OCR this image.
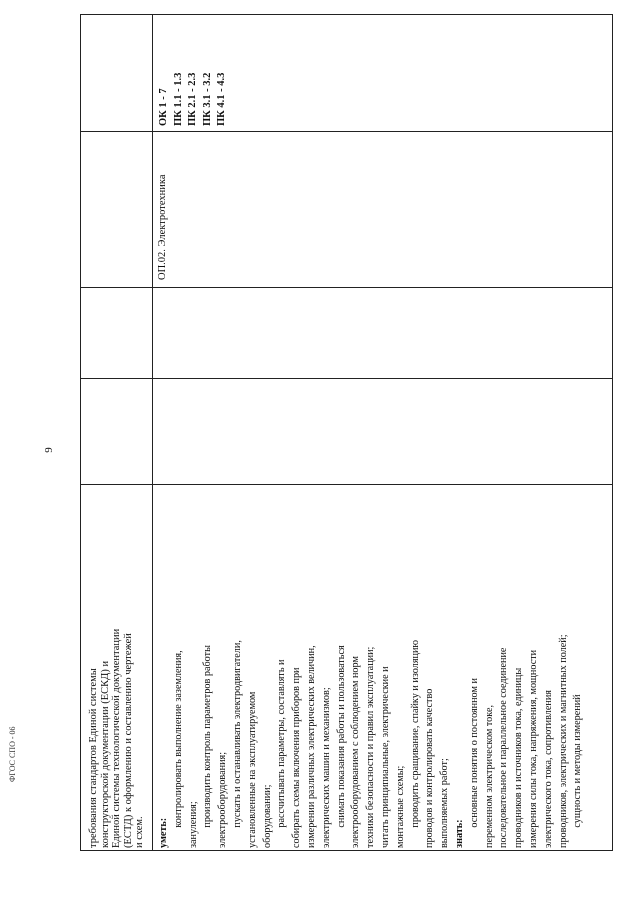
9
ФГОС СПО - 06	требования стандартов Единой системы конструкторской документации (ЕСКД) и Единой системы технологической документации (ЕСТД) к оформлению и составлению чертежей и схем. уметь: контролировать выполнение заземления, зануления; производить контроль параметров работы электрооборудования; пускать и останавливать электродвигатели, установленные на эксплуатируемом оборудовании; рассчитывать параметры, составлять и собирать схемы включения приборов при измерении различных электрических величин, электрических машин и механизмов; снимать показания работы и пользоваться электрооборудованием с соблюдением норм техники безопасности и правил эксплуатации; читать принципиальные, электрические и монтажные схемы; проводить сращивание, спайку и изоляцию проводов и контролировать качество выполняемых работ; знать: основные понятия о постоянном и переменном электрическом токе, последовательное и параллельное соединение проводников и источников тока, единицы измерения силы тока, напряжения, мощности электрического тока, сопротивления проводников, электрических и магнитных полей; сущность и методы измерений
ОП.02. Электротехника
ОК 1 - 7 ПК 1.1 - 1.3 ПК 2.1 - 2.3 ПК 3.1 - 3.2 ПК 4.1 - 4.3
